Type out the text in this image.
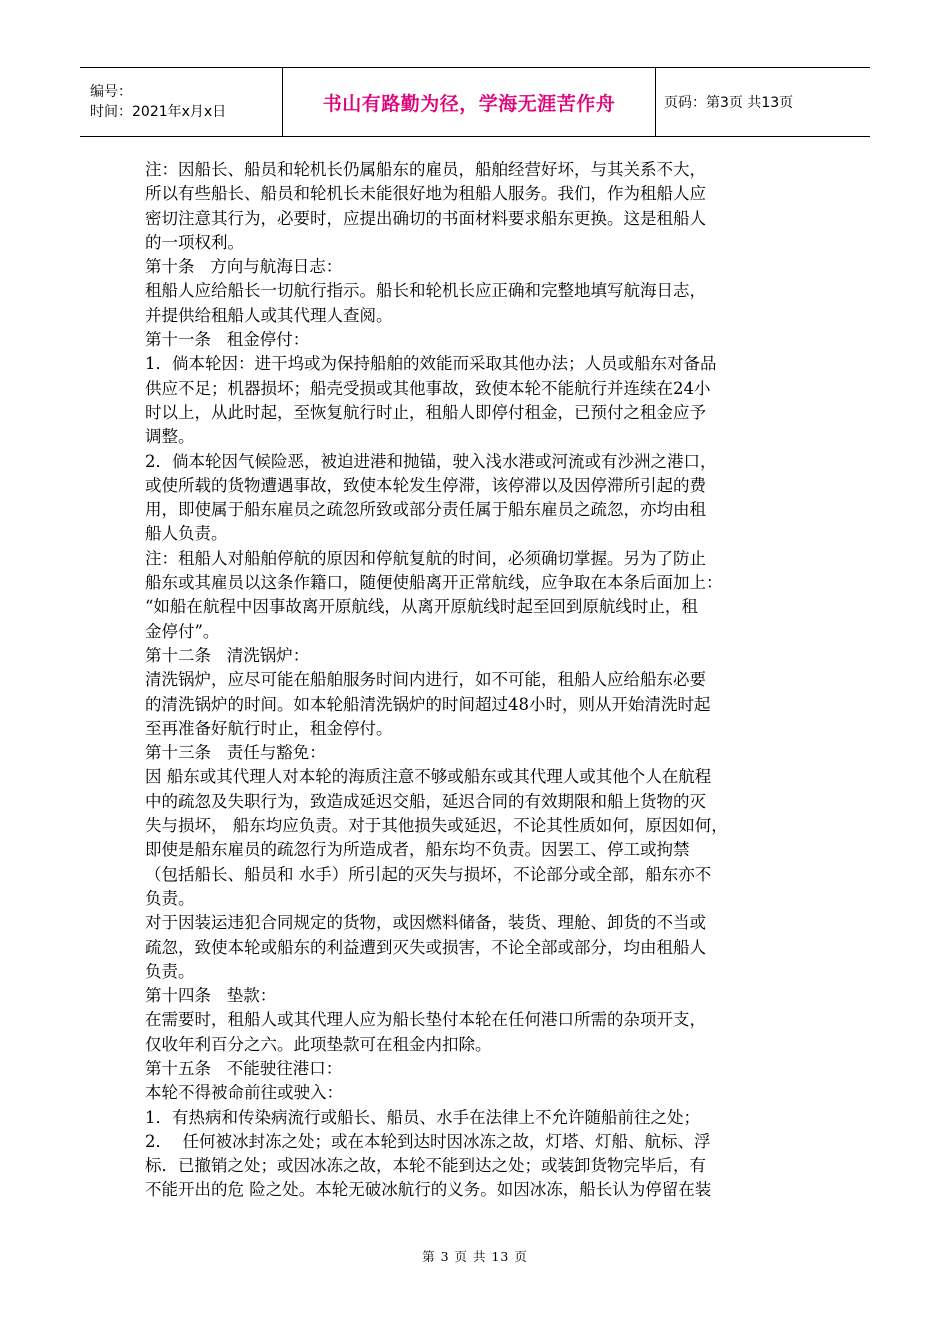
编号：
时间：2021年x月x日	书山有路勤为径，学海无涯苦作舟	页码：第3页 共13页
注：因船长、船员和轮机长仍属船东的雇员，船舶经营好坏，与其关系不大，
所以有些船长、船员和轮机长未能很好地为租船人服务。我们，作为租船人应
密切注意其行为，必要时，应提出确切的书面材料要求船东更换。这是租船人
的一项权利。
第十条   方向与航海日志：
租船人应给船长一切航行指示。船长和轮机长应正确和完整地填写航海日志，
并提供给租船人或其代理人查阅。
第十一条   租金停付：
1．倘本轮因：进干坞或为保持船舶的效能而采取其他办法；人员或船东对备品
供应不足；机器损坏；船壳受损或其他事故，致使本轮不能航行并连续在24小
时以上，从此时起，至恢复航行时止，租船人即停付租金，已预付之租金应予
调整。
2．倘本轮因气候险恶，被迫进港和抛锚，驶入浅水港或河流或有沙洲之港口，
或使所载的货物遭遇事故，致使本轮发生停滞，该停滞以及因停滞所引起的费
用，即使属于船东雇员之疏忽所致或部分责任属于船东雇员之疏忽，亦均由租
船人负责。
注：租船人对船舶停航的原因和停航复航的时间，必须确切掌握。另为了防止
船东或其雇员以这条作籍口，随便使船离开正常航线，应争取在本条后面加上：
“如船在航程中因事故离开原航线，从离开原航线时起至回到原航线时止，租
金停付”。
第十二条   清洗锅炉：
清洗锅炉，应尽可能在船舶服务时间内进行，如不可能，租船人应给船东必要
的清洗锅炉的时间。如本轮船清洗锅炉的时间超过48小时，则从开始清洗时起
至再准备好航行时止，租金停付。
第十三条   责任与豁免：
因 船东或其代理人对本轮的海质注意不够或船东或其代理人或其他个人在航程
中的疏忽及失职行为，致造成延迟交船，延迟合同的有效期限和船上货物的灭
失与损坏， 船东均应负责。对于其他损失或延迟，不论其性质如何，原因如何，
即使是船东雇员的疏忽行为所造成者，船东均不负责。因罢工、停工或拘禁
（包括船长、船员和 水手）所引起的灭失与损坏，不论部分或全部，船东亦不
负责。
对于因装运违犯合同规定的货物，或因燃料储备，装货、理舱、卸货的不当或
疏忽，致使本轮或船东的利益遭到灭失或损害，不论全部或部分，均由租船人
负责。
第十四条   垫款：
在需要时，租船人或其代理人应为船长垫付本轮在任何港口所需的杂项开支，
仅收年利百分之六。此项垫款可在租金内扣除。
第十五条   不能驶往港口：
本轮不得被命前往或驶入：
1．有热病和传染病流行或船长、船员、水手在法律上不允许随船前往之处；
2．  任何被冰封冻之处；或在本轮到达时因冰冻之故，灯塔、灯船、航标、浮
标．已撤销之处；或因冰冻之故，本轮不能到达之处；或装卸货物完毕后，有
不能开出的危 险之处。本轮无破冰航行的义务。如因冰冻，船长认为停留在装
第 3 页 共 13 页
